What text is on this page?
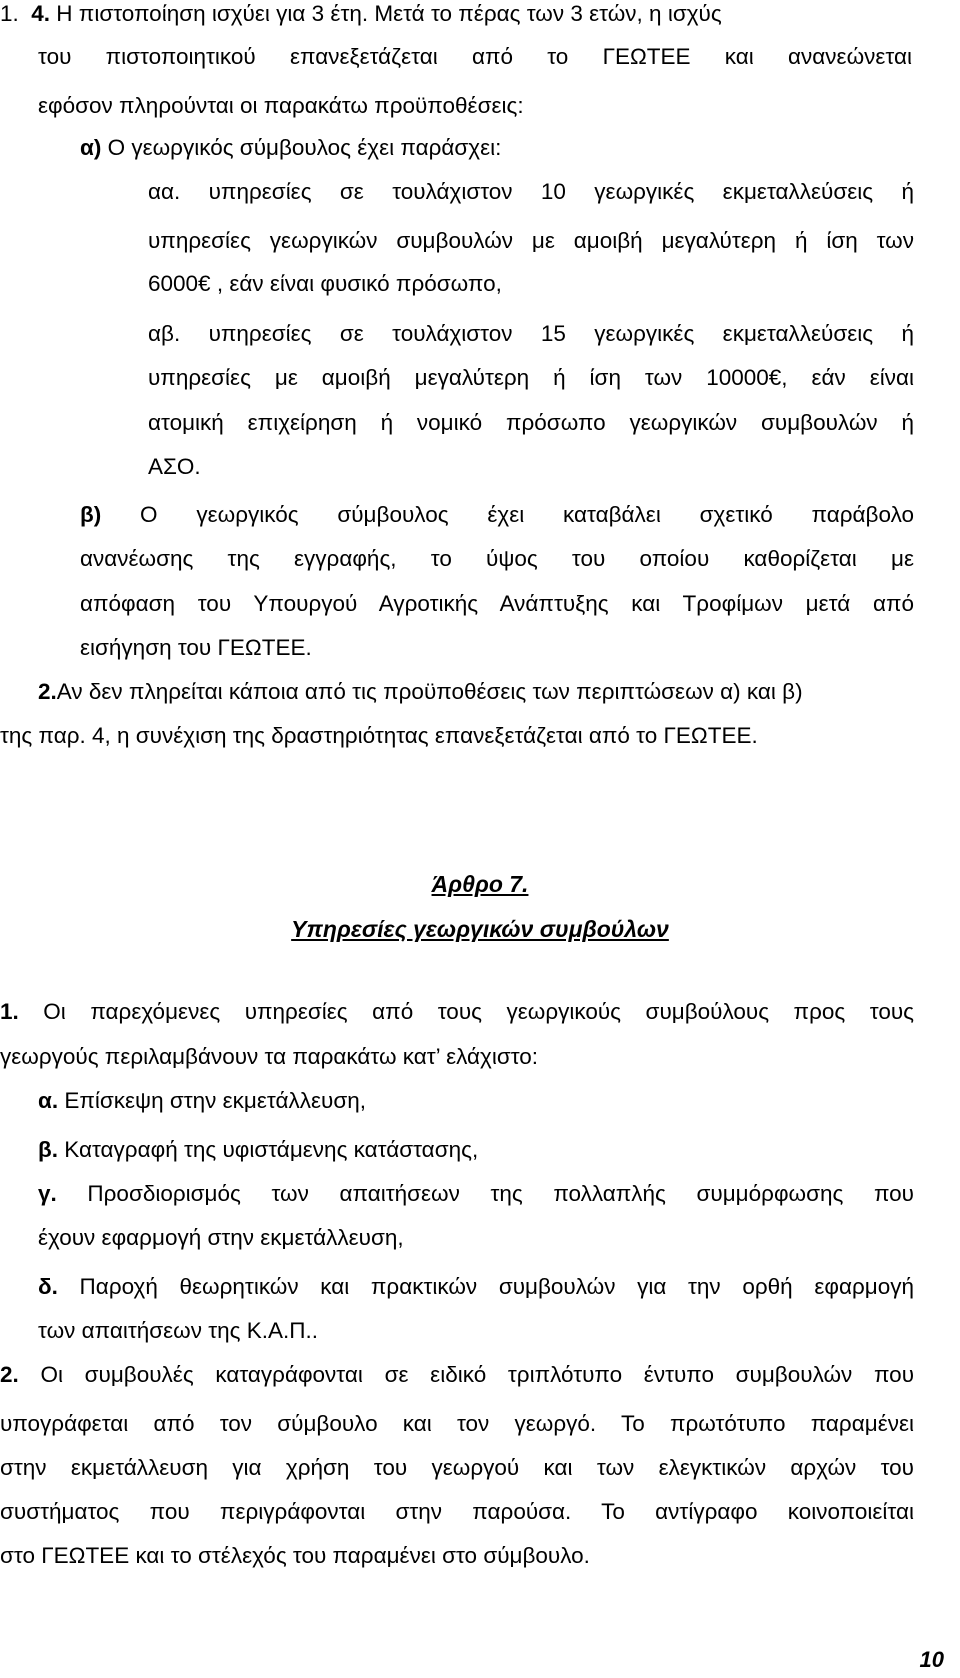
1. 4. Η πιστοποίηση ισχύει για 3 έτη. Μετά το πέρας των 3 ετών, η ισχύς
του πιστοποιητικού επανεξετάζεται από το ΓΕΩΤΕΕ και ανανεώνεται
εφόσον πληρούνται οι παρακάτω προϋποθέσεις:
α) Ο γεωργικός σύμβουλος έχει παράσχει:
αα. υπηρεσίες σε τουλάχιστον 10 γεωργικές εκμεταλλεύσεις ή
υπηρεσίες γεωργικών συμβουλών με αμοιβή μεγαλύτερη ή ίση των
6000€ , εάν είναι φυσικό πρόσωπο,
αβ. υπηρεσίες σε τουλάχιστον 15 γεωργικές εκμεταλλεύσεις ή
υπηρεσίες με αμοιβή μεγαλύτερη ή ίση των 10000€, εάν είναι
ατομική επιχείρηση ή νομικό πρόσωπο γεωργικών συμβουλών ή
ΑΣΟ.
β) Ο γεωργικός σύμβουλος έχει καταβάλει σχετικό παράβολο
ανανέωσης της εγγραφής, το ύψος του οποίου καθορίζεται με
απόφαση του Υπουργού Αγροτικής Ανάπτυξης και Τροφίμων μετά από
εισήγηση του ΓΕΩΤΕΕ.
2.Αν δεν πληρείται κάποια από τις προϋποθέσεις των περιπτώσεων α) και β)
της παρ. 4, η συνέχιση της δραστηριότητας επανεξετάζεται από το ΓΕΩΤΕΕ.
Άρθρο 7.
Υπηρεσίες γεωργικών συμβούλων
1. Οι παρεχόμενες υπηρεσίες από τους γεωργικούς συμβούλους προς τους
γεωργούς περιλαμβάνουν τα παρακάτω κατ’ ελάχιστο:
α. Επίσκεψη στην εκμετάλλευση,
β. Καταγραφή της υφιστάμενης κατάστασης,
γ. Προσδιορισμός των απαιτήσεων της πολλαπλής συμμόρφωσης που
έχουν εφαρμογή στην εκμετάλλευση,
δ. Παροχή θεωρητικών και πρακτικών συμβουλών για την ορθή εφαρμογή
των απαιτήσεων της Κ.Α.Π..
2. Οι συμβουλές καταγράφονται σε ειδικό τριπλότυπο έντυπο συμβουλών που
υπογράφεται από τον σύμβουλο και τον γεωργό. Το πρωτότυπο παραμένει
στην εκμετάλλευση για χρήση του γεωργού και των ελεγκτικών αρχών του
συστήματος που περιγράφονται στην παρούσα. Το αντίγραφο κοινοποιείται
στο ΓΕΩΤΕΕ και το στέλεχός του παραμένει στο σύμβουλο.
10
